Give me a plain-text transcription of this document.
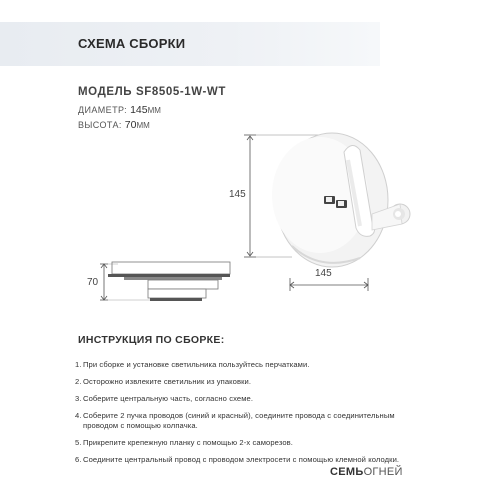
СХЕМА СБОРКИ
МОДЕЛЬ SF8505-1W-WT
ДИАМЕТР: 145ММ
ВЫСОТА: 70ММ
145
145
70
ИНСТРУКЦИЯ ПО СБОРКЕ:
1.При сборке и установке светильника пользуйтесь перчатками.
2.Осторожно извлеките светильник из упаковки.
3.Соберите центральную часть, согласно схеме.
4.Соберите 2 пучка проводов (синий и красный), соедините провода с соединительным
проводом с помощью колпачка.
5.Прикрепите крепежную планку с помощью 2-х саморезов.
6.Соедините центральный провод с проводом электросети с помощью клемной колодки.
СЕМЬОГНЕЙ
